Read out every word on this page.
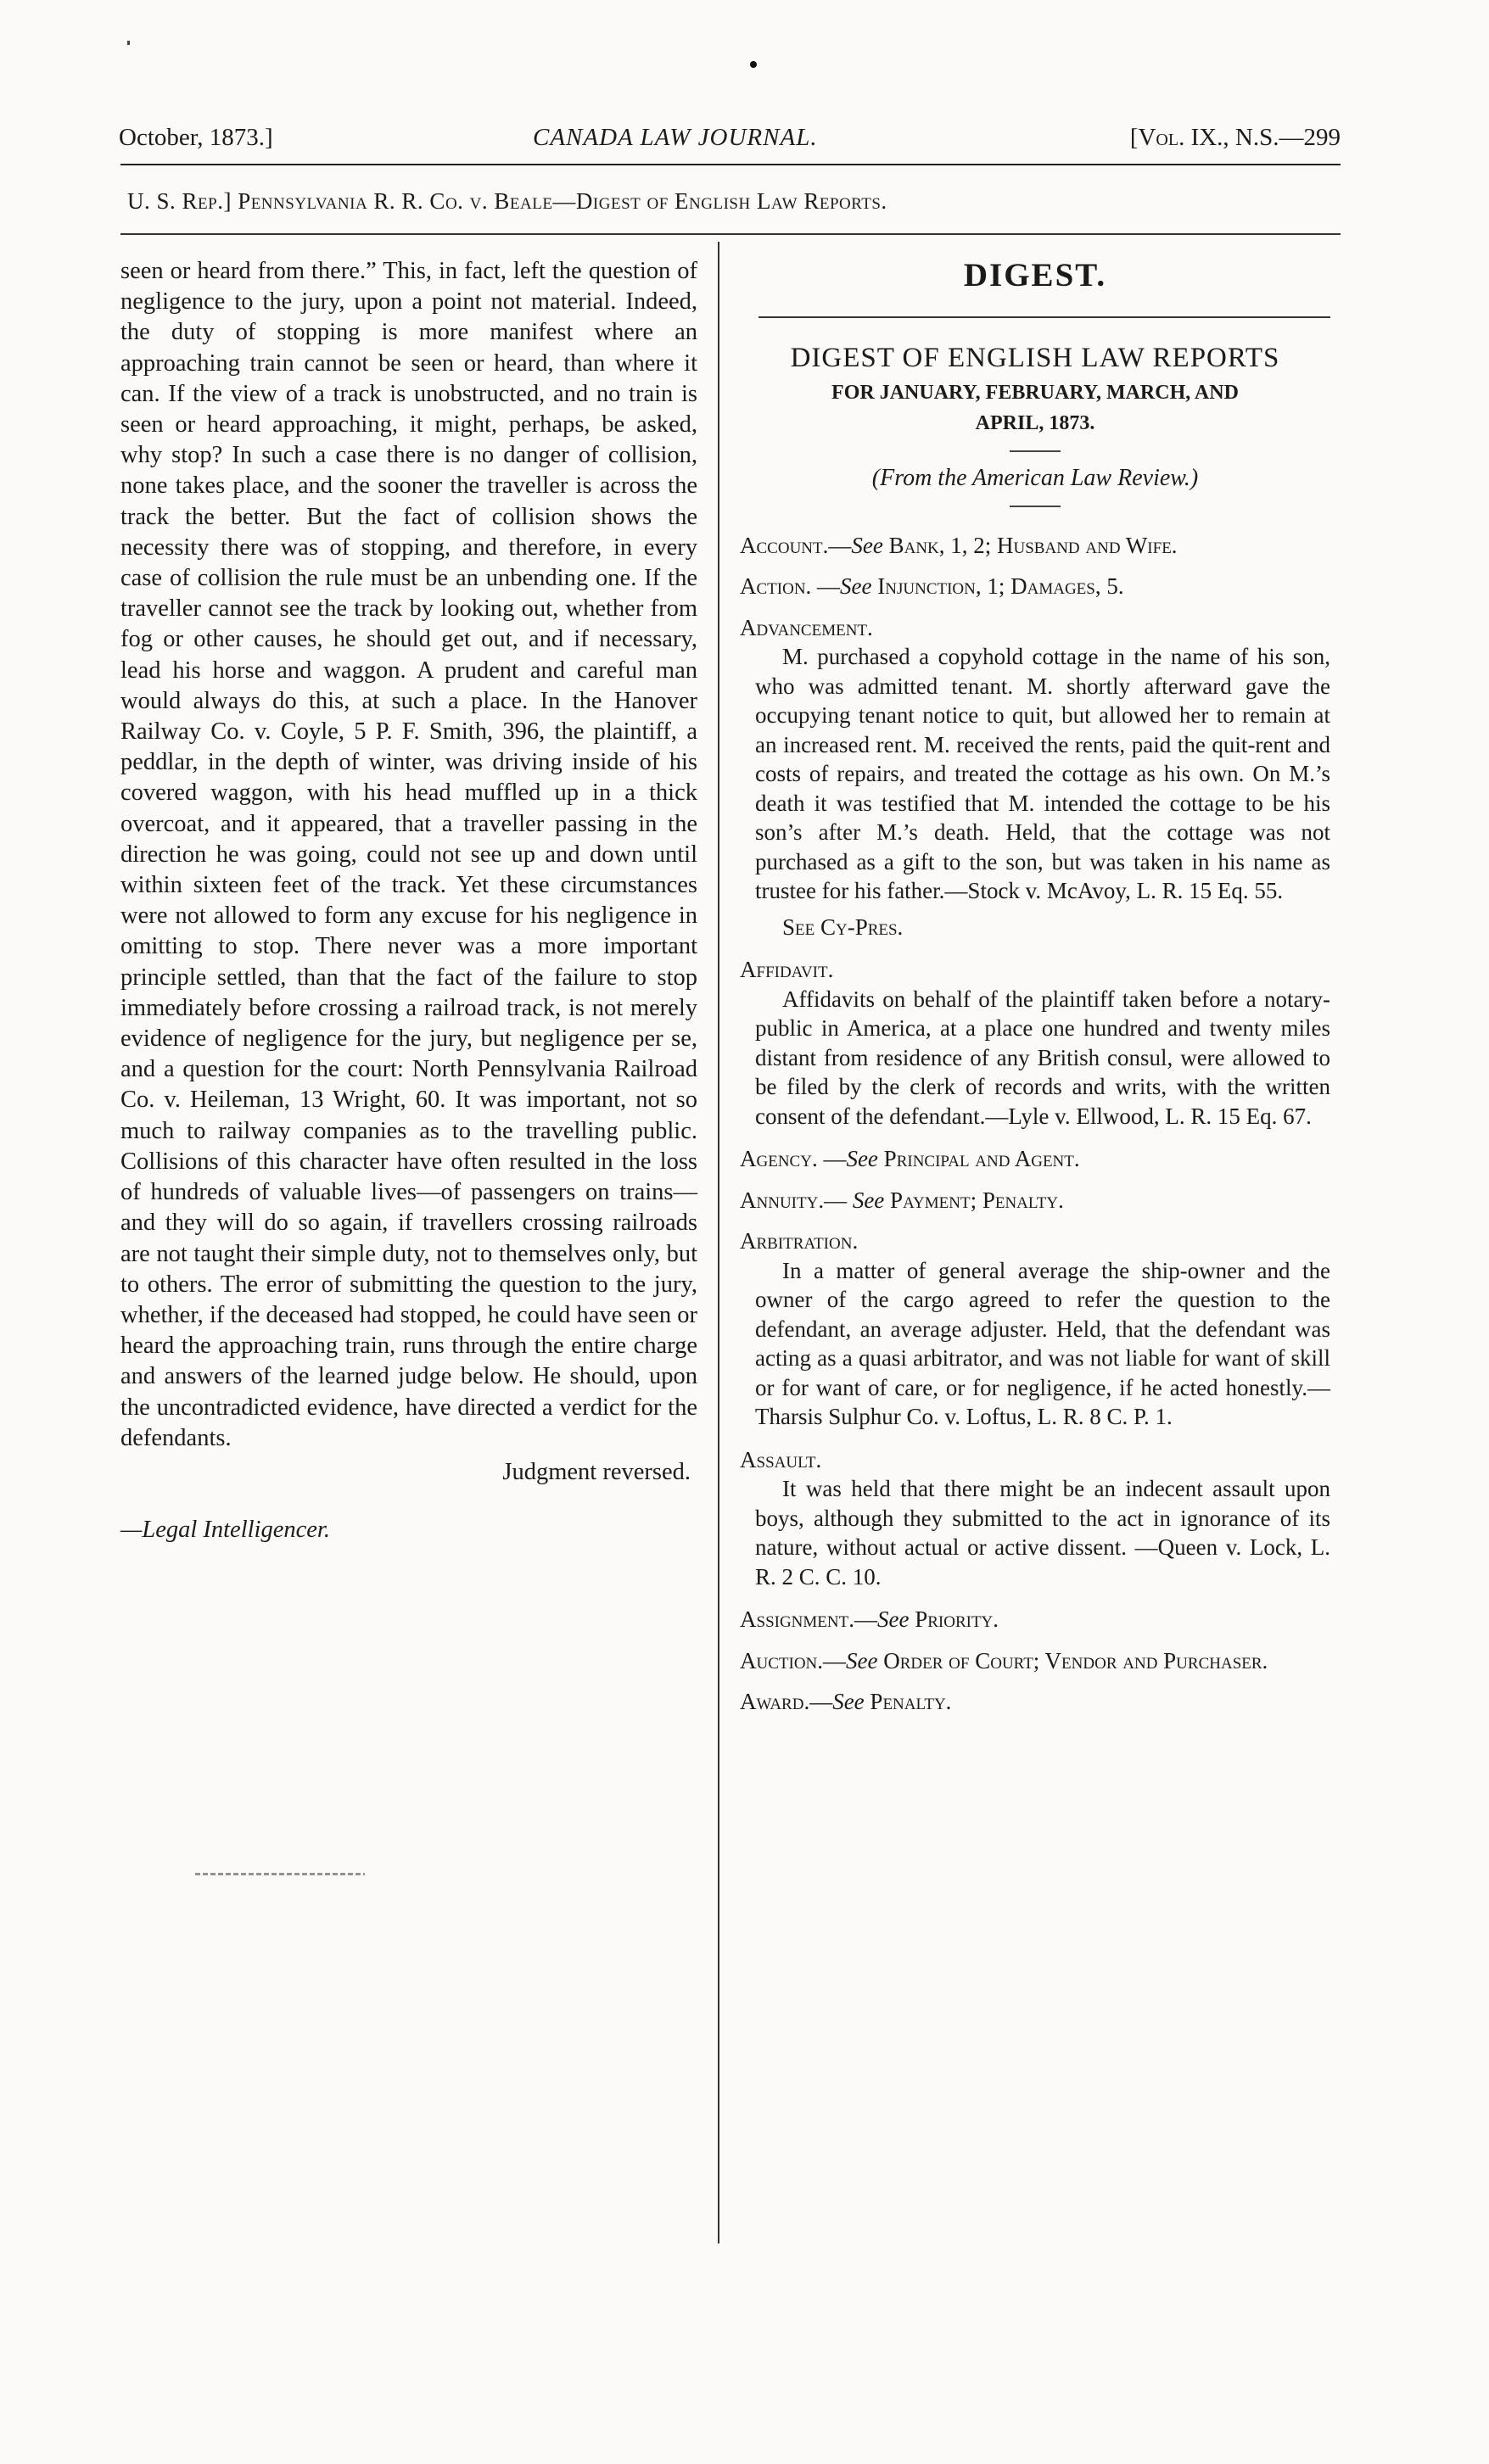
October, 1873.]	CANADA LAW JOURNAL.	[Vol. IX., N.S.—299
U. S. Rep.] Pennsylvania R. R. Co. v. Beale—Digest of English Law Reports.

seen or heard from there.” This, in fact, left the question of negligence to the jury, upon a point not material. Indeed, the duty of stopping is more manifest where an approaching train cannot be seen or heard, than where it can. If the view of a track is unobstructed, and no train is seen or heard approaching, it might, perhaps, be asked, why stop? In such a case there is no danger of collision, none takes place, and the sooner the traveller is across the track the better. But the fact of collision shows the necessity there was of stopping, and therefore, in every case of collision the rule must be an unbending one. If the traveller cannot see the track by looking out, whether from fog or other causes, he should get out, and if necessary, lead his horse and waggon. A prudent and careful man would always do this, at such a place. In the Hanover Railway Co. v. Coyle, 5 P. F. Smith, 396, the plaintiff, a peddlar, in the depth of winter, was driving inside of his covered waggon, with his head muffled up in a thick overcoat, and it appeared, that a traveller passing in the direction he was going, could not see up and down until within sixteen feet of the track. Yet these circumstances were not allowed to form any excuse for his negligence in omitting to stop. There never was a more important principle settled, than that the fact of the failure to stop immediately before crossing a railroad track, is not merely evidence of negligence for the jury, but negligence per se, and a question for the court: North Pennsylvania Railroad Co. v. Heileman, 13 Wright, 60. It was important, not so much to railway companies as to the travelling public. Collisions of this character have often resulted in the loss of hundreds of valuable lives—of passengers on trains—and they will do so again, if travellers crossing railroads are not taught their simple duty, not to themselves only, but to others. The error of submitting the question to the jury, whether, if the deceased had stopped, he could have seen or heard the approaching train, runs through the entire charge and answers of the learned judge below. He should, upon the uncontradicted evidence, have directed a verdict for the defendants.

Judgment reversed.
—Legal Intelligencer.
DIGEST.
DIGEST OF ENGLISH LAW REPORTS
FOR JANUARY, FEBRUARY, MARCH, AND
APRIL, 1873.
(From the American Law Review.)
Account.—See Bank, 1, 2; Husband and Wife.
Action. —See Injunction, 1; Damages, 5.
Advancement.
M. purchased a copyhold cottage in the name of his son, who was admitted tenant. M. shortly afterward gave the occupying tenant notice to quit, but allowed her to remain at an increased rent. M. received the rents, paid the quit-rent and costs of repairs, and treated the cottage as his own. On M.’s death it was testified that M. intended the cottage to be his son’s after M.’s death. Held, that the cottage was not purchased as a gift to the son, but was taken in his name as trustee for his father.—Stock v. McAvoy, L. R. 15 Eq. 55.
See Cy-Pres.
Affidavit.
Affidavits on behalf of the plaintiff taken before a notary-public in America, at a place one hundred and twenty miles distant from residence of any British consul, were allowed to be filed by the clerk of records and writs, with the written consent of the defendant.—Lyle v. Ellwood, L. R. 15 Eq. 67.
Agency. —See Principal and Agent.
Annuity.— See Payment; Penalty.
Arbitration.
In a matter of general average the ship-owner and the owner of the cargo agreed to refer the question to the defendant, an average adjuster. Held, that the defendant was acting as a quasi arbitrator, and was not liable for want of skill or for want of care, or for negligence, if he acted honestly.—Tharsis Sulphur Co. v. Loftus, L. R. 8 C. P. 1.
Assault.
It was held that there might be an indecent assault upon boys, although they submitted to the act in ignorance of its nature, without actual or active dissent. —Queen v. Lock, L. R. 2 C. C. 10.
Assignment.—See Priority.
Auction.—See Order of Court; Vendor and Purchaser.
Award.—See Penalty.
